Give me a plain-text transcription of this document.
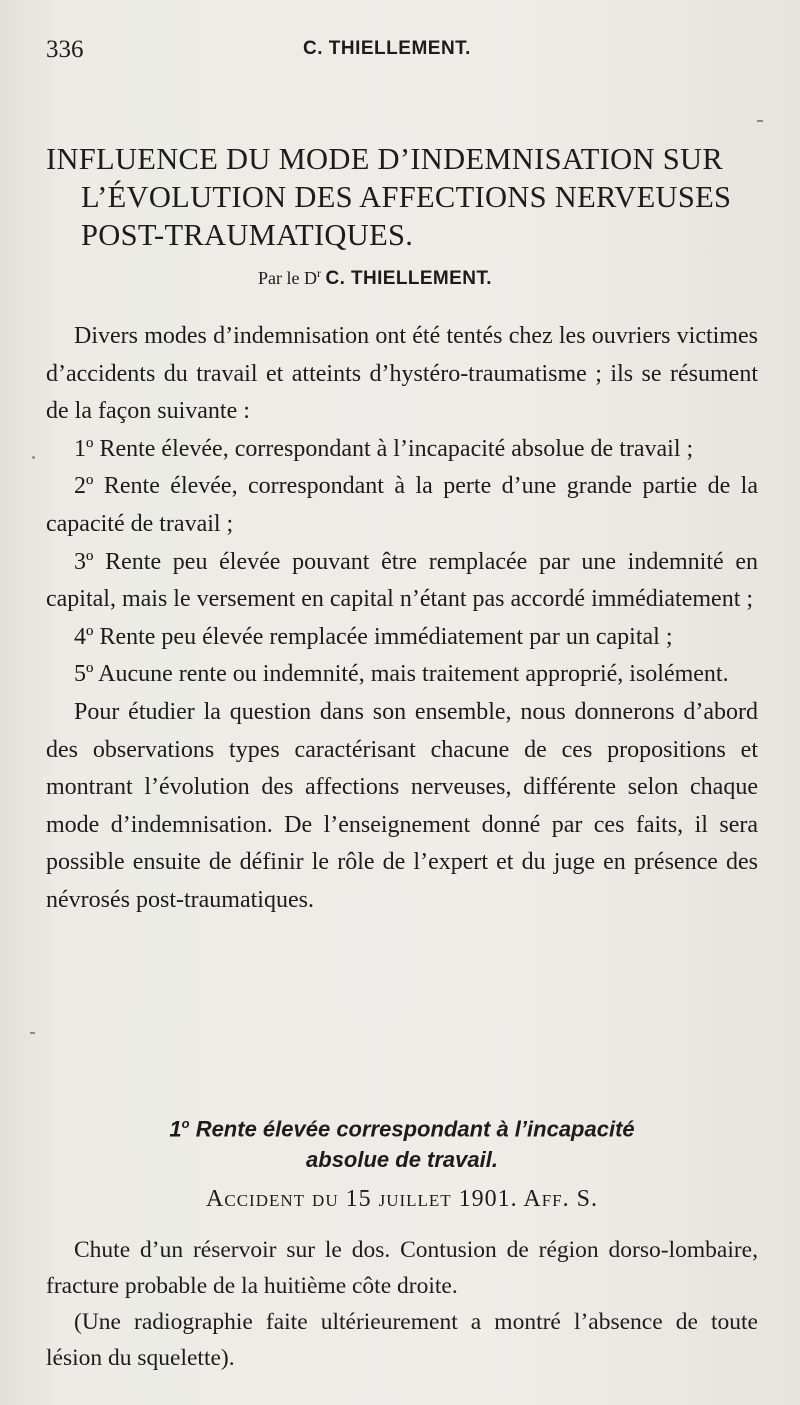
336	C. THIELLEMENT.
INFLUENCE DU MODE D’INDEMNISATION SUR
L’ÉVOLUTION DES AFFECTIONS NERVEUSES
POST-TRAUMATIQUES.
Par le $D^r$ C. THIELLEMENT.

Divers modes d’indemnisation ont été tentés chez les ouvriers victimes d’accidents du travail et atteints d’hystéro-traumatisme ; ils se résument de la façon suivante :

1º Rente élevée, correspondant à l’incapacité absolue de travail ;

2º Rente élevée, correspondant à la perte d’une grande partie de la capacité de travail ;

3º Rente peu élevée pouvant être remplacée par une indemnité en capital, mais le versement en capital n’étant pas accordé immédiatement ;

4º Rente peu élevée remplacée immédiatement par un capital ;

5º Aucune rente ou indemnité, mais traitement approprié, isolément.

Pour étudier la question dans son ensemble, nous donnerons d’abord des observations types caractérisant chacune de ces propositions et montrant l’évolution des affections nerveuses, différente selon chaque mode d’indemnisation. De l’enseignement donné par ces faits, il sera possible ensuite de définir le rôle de l’expert et du juge en présence des névrosés post-traumatiques.

1$^o$ Rente élevée correspondant à l’incapacité
absolue de travail.
Accident du 15 juillet 1901. Aff. S.

Chute d’un réservoir sur le dos. Contusion de région dorso-lombaire, fracture probable de la huitième côte droite.

(Une radiographie faite ultérieurement a montré l’absence de toute lésion du squelette).
